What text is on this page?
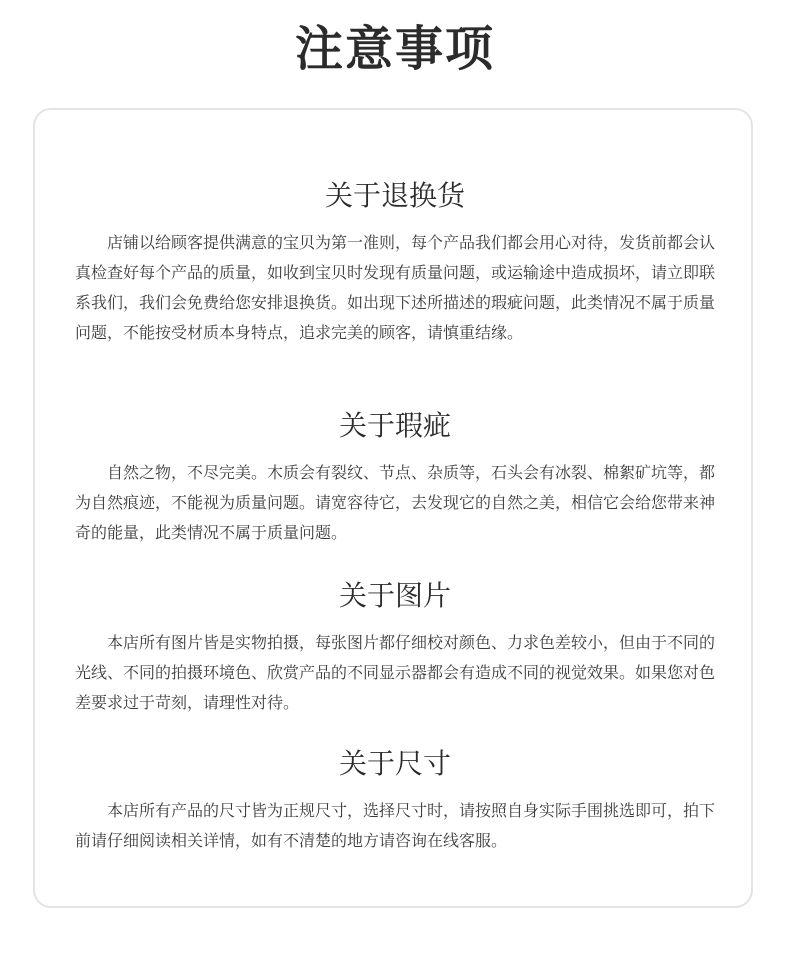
注意事项
关于退换货

店铺以给顾客提供满意的宝贝为第一准则，每个产品我们都会用心对待，发货前都会认真检查好每个产品的质量，如收到宝贝时发现有质量问题，或运输途中造成损坏，请立即联系我们，我们会免费给您安排退换货。如出现下述所描述的瑕疵问题，此类情况不属于质量问题，不能按受材质本身特点，追求完美的顾客，请慎重结缘。

关于瑕疵

自然之物，不尽完美。木质会有裂纹、节点、杂质等，石头会有冰裂、棉絮矿坑等，都为自然痕迹，不能视为质量问题。请宽容待它，去发现它的自然之美，相信它会给您带来神奇的能量，此类情况不属于质量问题。

关于图片

本店所有图片皆是实物拍摄，每张图片都仔细校对颜色、力求色差较小，但由于不同的光线、不同的拍摄环境色、欣赏产品的不同显示器都会有造成不同的视觉效果。如果您对色差要求过于苛刻，请理性对待。

关于尺寸

本店所有产品的尺寸皆为正规尺寸，选择尺寸时，请按照自身实际手围挑选即可，拍下前请仔细阅读相关详情，如有不清楚的地方请咨询在线客服。
